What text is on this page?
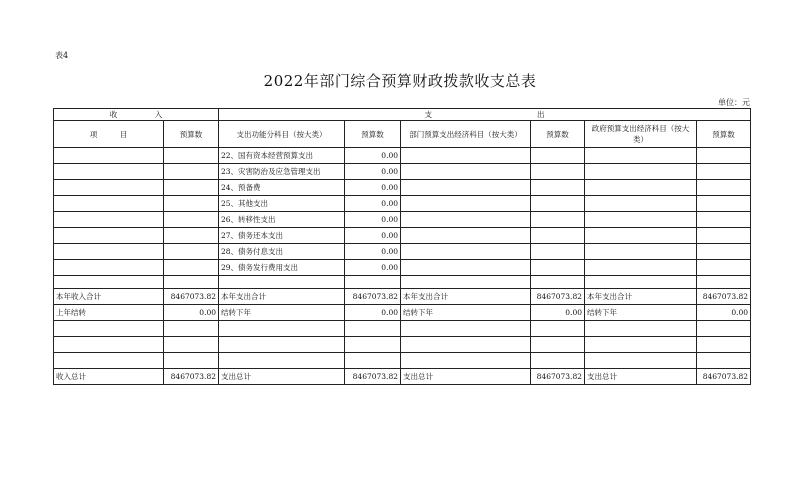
表4
2022年部门综合预算财政拨款收支总表
单位：元
收　　　　　入		支　　　　　　　　　　　　　　出					
项　　　目	预算数	支出功能分科目（按大类）	预算数	部门预算支出经济科目（按大类）	预算数	政府预算支出经济科目（按大类）	预算数
		22、国有资本经营预算支出	0.00				
		23、灾害防治及应急管理支出	0.00				
		24、预备费	0.00				
		25、其他支出	0.00				
		26、转移性支出	0.00				
		27、债务还本支出	0.00				
		28、债务付息支出	0.00				
		29、债务发行费用支出	0.00				

本年收入合计	8467073.82	本年支出合计	8467073.82	本年支出合计	8467073.82	本年支出合计	8467073.82
上年结转	0.00	结转下年	0.00	结转下年	0.00	结转下年	0.00

收入总计	8467073.82	支出总计	8467073.82	支出总计	8467073.82	支出总计	8467073.82
